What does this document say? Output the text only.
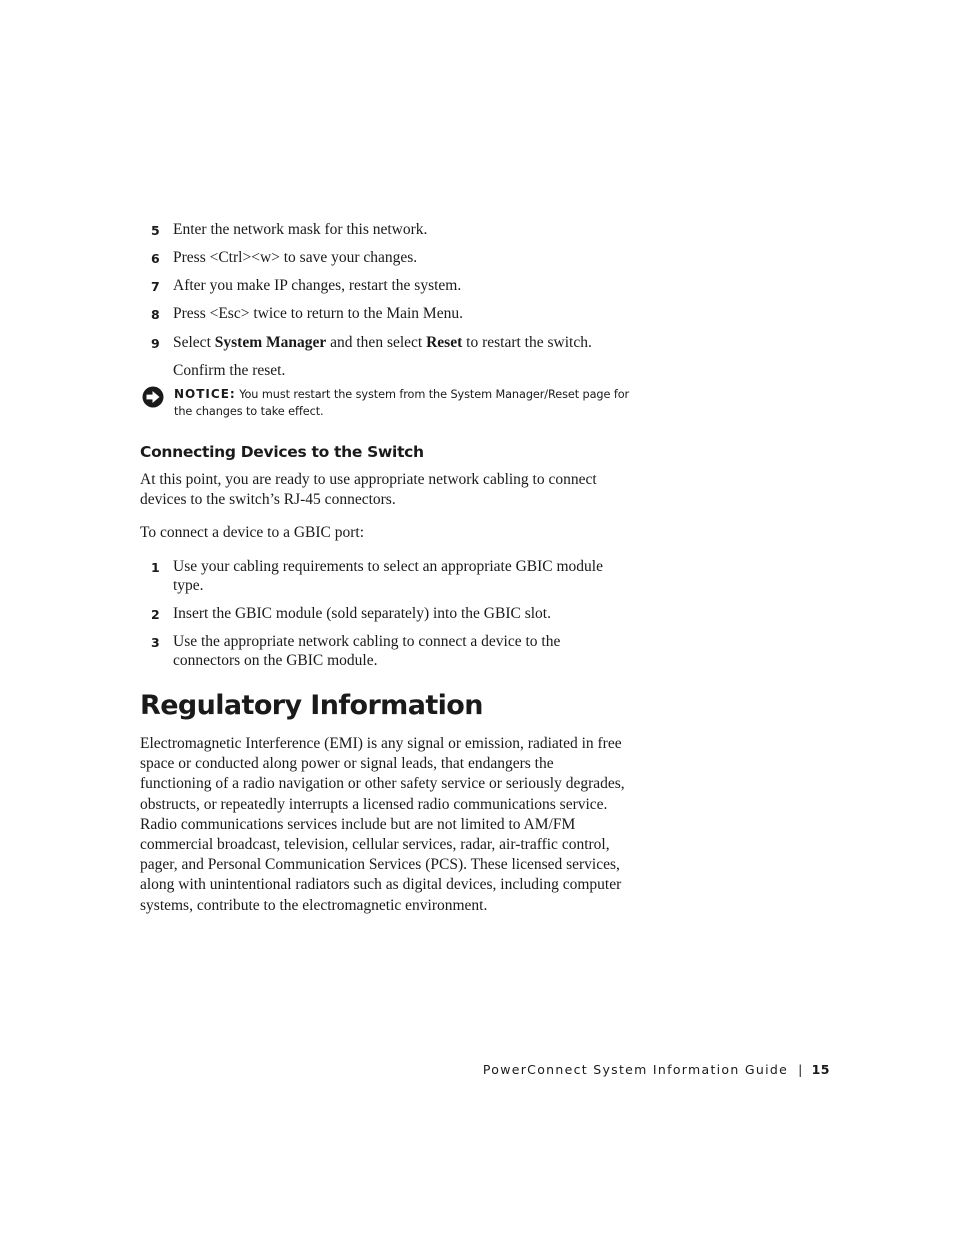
5 Enter the network mask for this network.
6 Press <Ctrl><w> to save your changes.
7 After you make IP changes, restart the system.
8 Press <Esc> twice to return to the Main Menu.
9 Select System Manager and then select Reset to restart the switch.
Confirm the reset.
NOTICE: You must restart the system from the System Manager/Reset page for the changes to take effect.
Connecting Devices to the Switch
At this point, you are ready to use appropriate network cabling to connect devices to the switch’s RJ-45 connectors.
To connect a device to a GBIC port:
1 Use your cabling requirements to select an appropriate GBIC module type.
2 Insert the GBIC module (sold separately) into the GBIC slot.
3 Use the appropriate network cabling to connect a device to the connectors on the GBIC module.
Regulatory Information
Electromagnetic Interference (EMI) is any signal or emission, radiated in free space or conducted along power or signal leads, that endangers the functioning of a radio navigation or other safety service or seriously degrades, obstructs, or repeatedly interrupts a licensed radio communications service. Radio communications services include but are not limited to AM/FM commercial broadcast, television, cellular services, radar, air-traffic control, pager, and Personal Communication Services (PCS). These licensed services, along with unintentional radiators such as digital devices, including computer systems, contribute to the electromagnetic environment.
PowerConnect System Information Guide | 15
